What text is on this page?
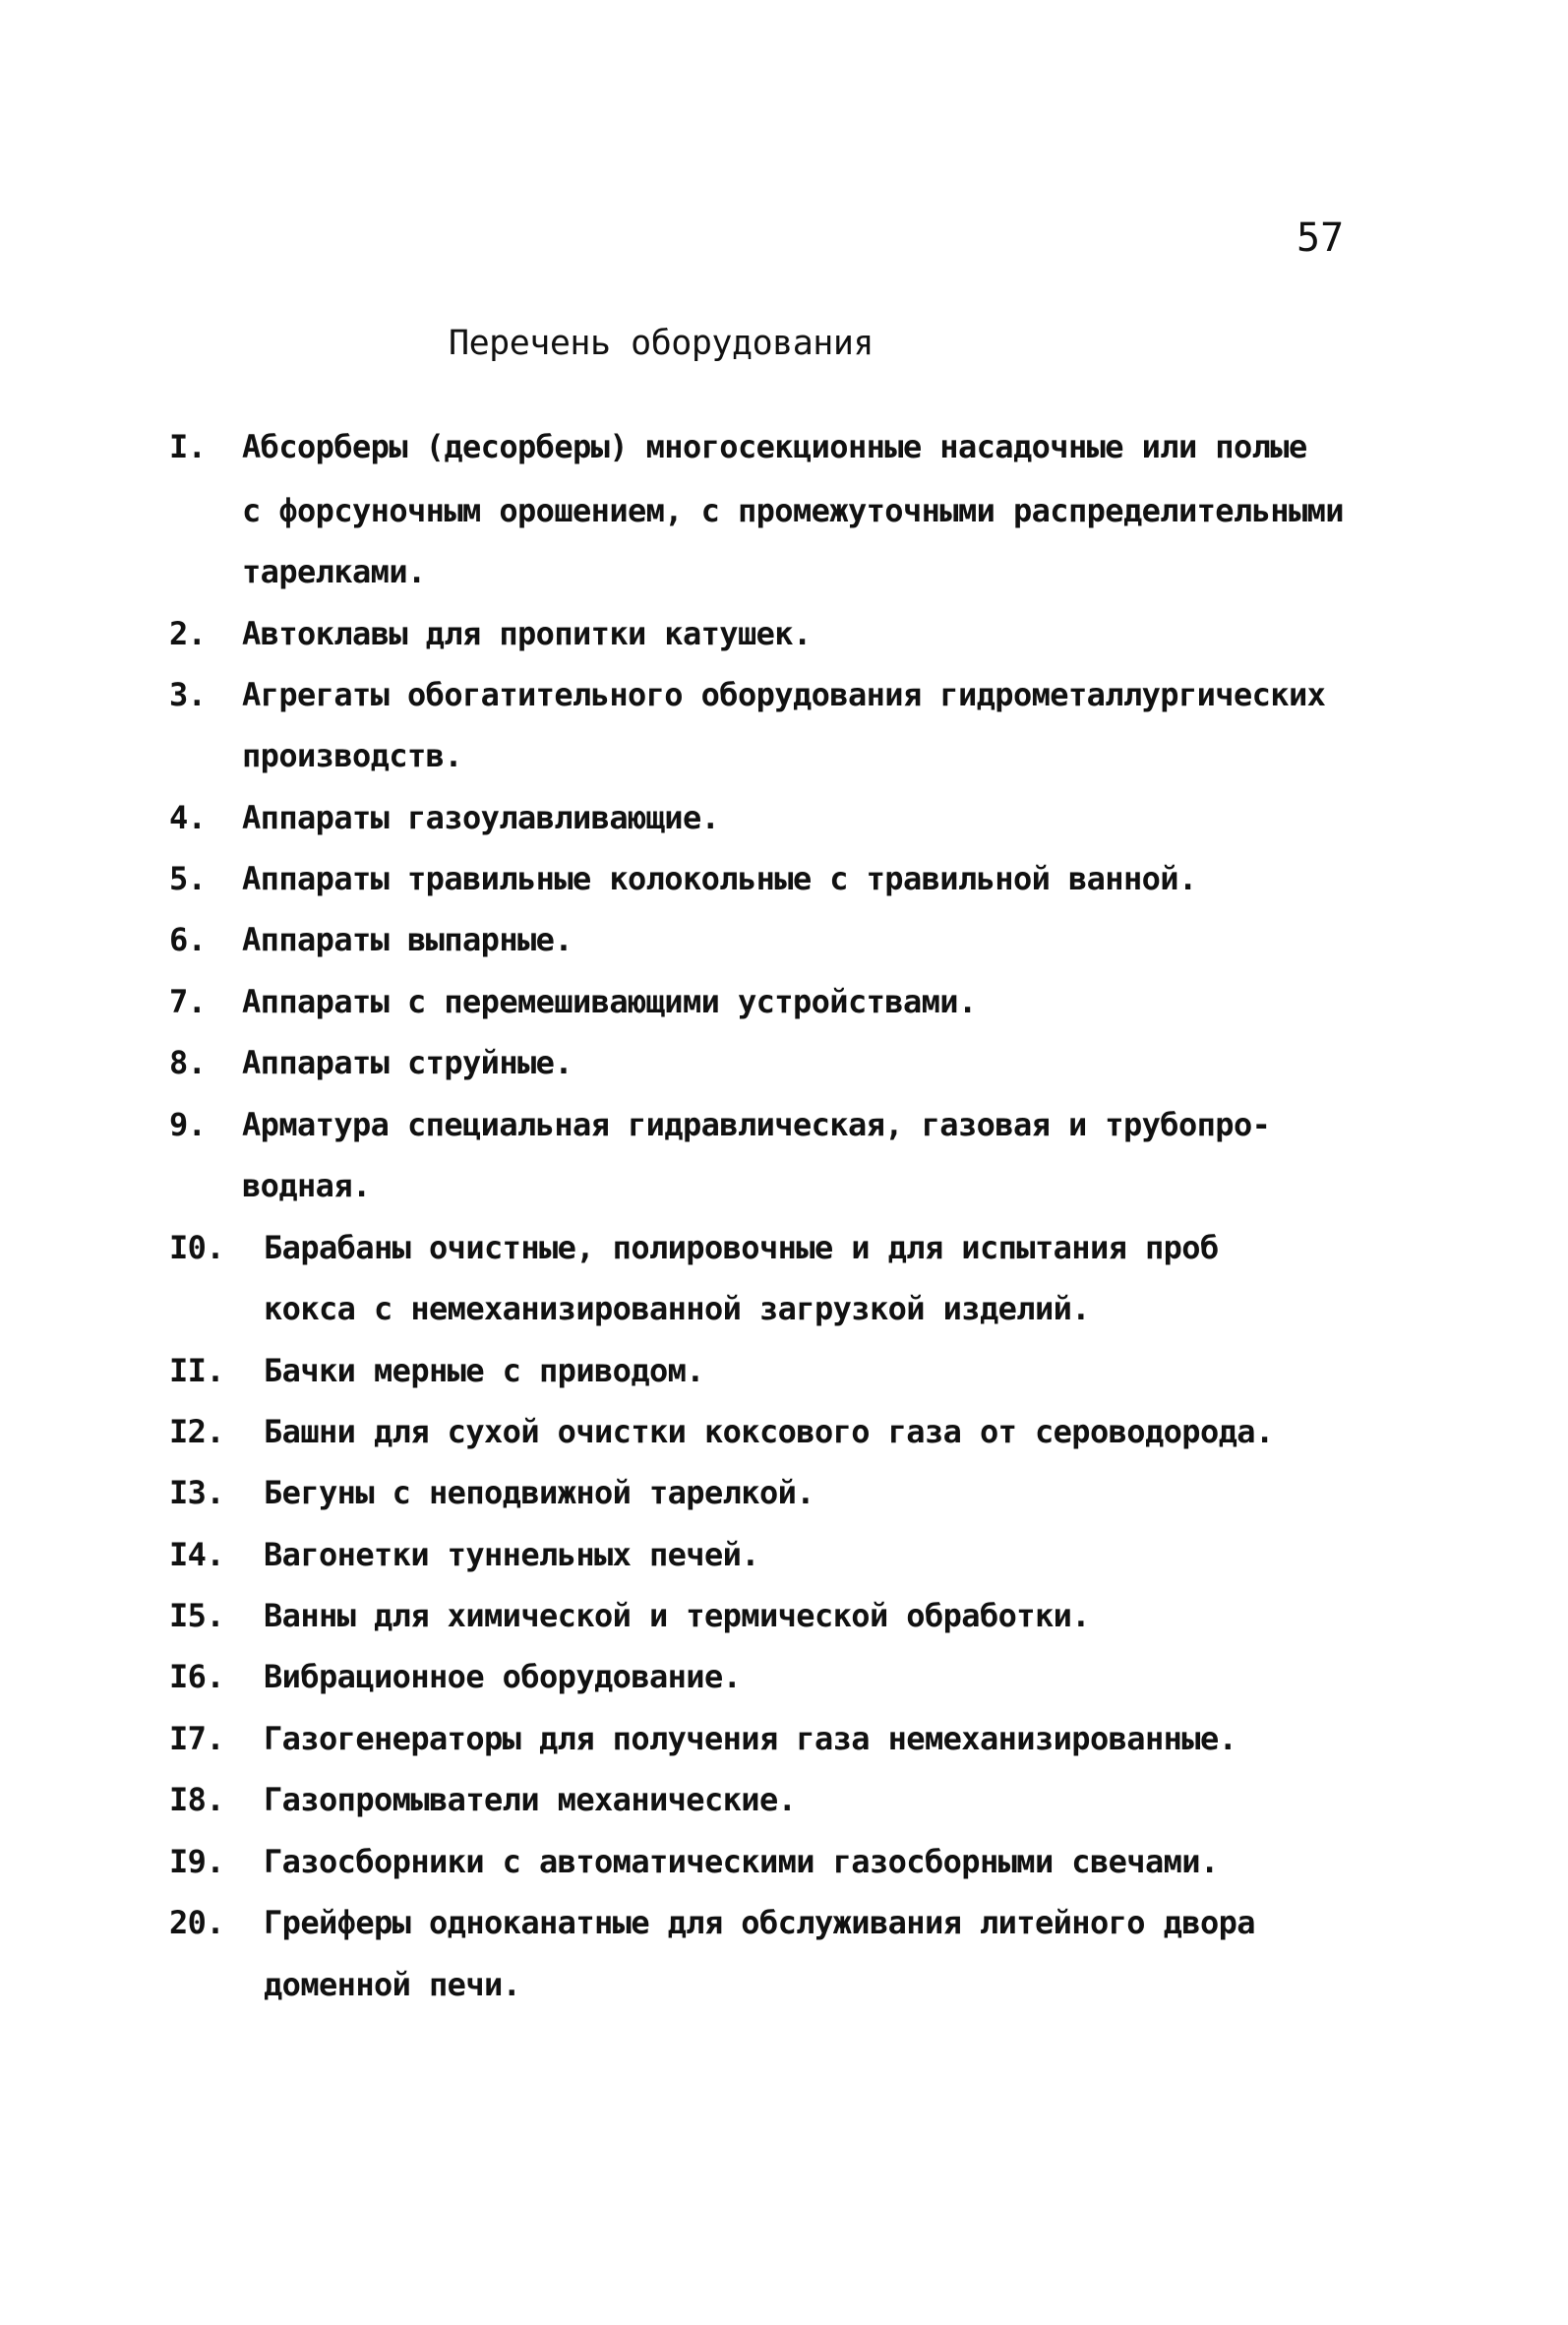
57
Перечень оборудования
I. Абсорберы (десорберы) многосекционные насадочные или полые
с форсуночным орошением, с промежуточными распределительными
тарелками.
2. Автоклавы для пропитки катушек.
3. Агрегаты обогатительного оборудования гидрометаллургических
производств.
4. Аппараты газоулавливающие.
5. Аппараты травильные колокольные с травильной ванной.
6. Аппараты выпарные.
7. Аппараты с перемешивающими устройствами.
8. Аппараты струйные.
9. Арматура специальная гидравлическая, газовая и трубопро-
водная.
I0. Барабаны очистные, полировочные и для испытания проб
кокса с немеханизированной загрузкой изделий.
II. Бачки мерные с приводом.
I2. Башни для сухой очистки коксового газа от сероводорода.
I3. Бегуны с неподвижной тарелкой.
I4. Вагонетки туннельных печей.
I5. Ванны для химической и термической обработки.
I6. Вибрационное оборудование.
I7. Газогенераторы для получения газа немеханизированные.
I8. Газопромыватели механические.
I9. Газосборники с автоматическими газосборными свечами.
20. Грейферы одноканатные для обслуживания литейного двора
доменной печи.
